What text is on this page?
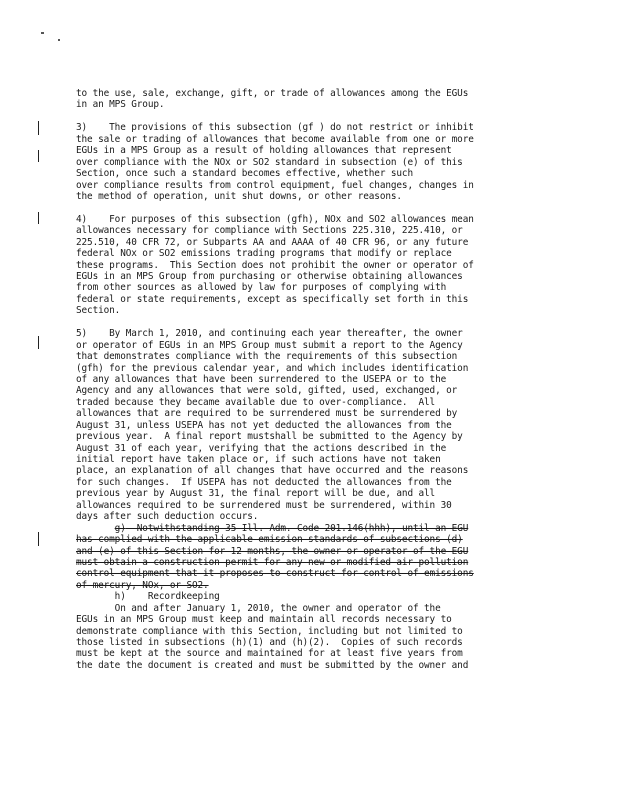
to the use, sale, exchange, gift, or trade of allowances among the EGUs
in an MPS Group.
3)    The provisions of this subsection (gf ) do not restrict or inhibit
the sale or trading of allowances that become available from one or more
EGUs in a MPS Group as a result of holding allowances that represent
over compliance with the NOx or SO2 standard in subsection (e) of this
Section, once such a standard becomes effective, whether such
over compliance results from control equipment, fuel changes, changes in
the method of operation, unit shut downs, or other reasons.
4)    For purposes of this subsection (gfh), NOx and SO2 allowances mean
allowances necessary for compliance with Sections 225.310, 225.410, or
225.510, 40 CFR 72, or Subparts AA and AAAA of 40 CFR 96, or any future
federal NOx or SO2 emissions trading programs that modify or replace
these programs.  This Section does not prohibit the owner or operator of
EGUs in an MPS Group from purchasing or otherwise obtaining allowances
from other sources as allowed by law for purposes of complying with
federal or state requirements, except as specifically set forth in this
Section.
5)    By March 1, 2010, and continuing each year thereafter, the owner
or operator of EGUs in an MPS Group must submit a report to the Agency
that demonstrates compliance with the requirements of this subsection
(gfh) for the previous calendar year, and which includes identification
of any allowances that have been surrendered to the USEPA or to the
Agency and any allowances that were sold, gifted, used, exchanged, or
traded because they became available due to over-compliance.  All
allowances that are required to be surrendered must be surrendered by
August 31, unless USEPA has not yet deducted the allowances from the
previous year.  A final report mustshall be submitted to the Agency by
August 31 of each year, verifying that the actions described in the
initial report have taken place or, if such actions have not taken
place, an explanation of all changes that have occurred and the reasons
for such changes.  If USEPA has not deducted the allowances from the
previous year by August 31, the final report will be due, and all
allowances required to be surrendered must be surrendered, within 30
days after such deduction occurs.
g)  Notwithstanding 35 Ill. Adm. Code 201.146(hhh), until an EGU
has complied with the applicable emission standards of subsections (d)
and (e) of this Section for 12 months, the owner or operator of the EGU
must obtain a construction permit for any new or modified air pollution
control equipment that it proposes to construct for control of emissions
of mercury, NOx, or SO2.
h)    Recordkeeping
On and after January 1, 2010, the owner and operator of the
EGUs in an MPS Group must keep and maintain all records necessary to
demonstrate compliance with this Section, including but not limited to
those listed in subsections (h)(1) and (h)(2).  Copies of such records
must be kept at the source and maintained for at least five years from
the date the document is created and must be submitted by the owner and
